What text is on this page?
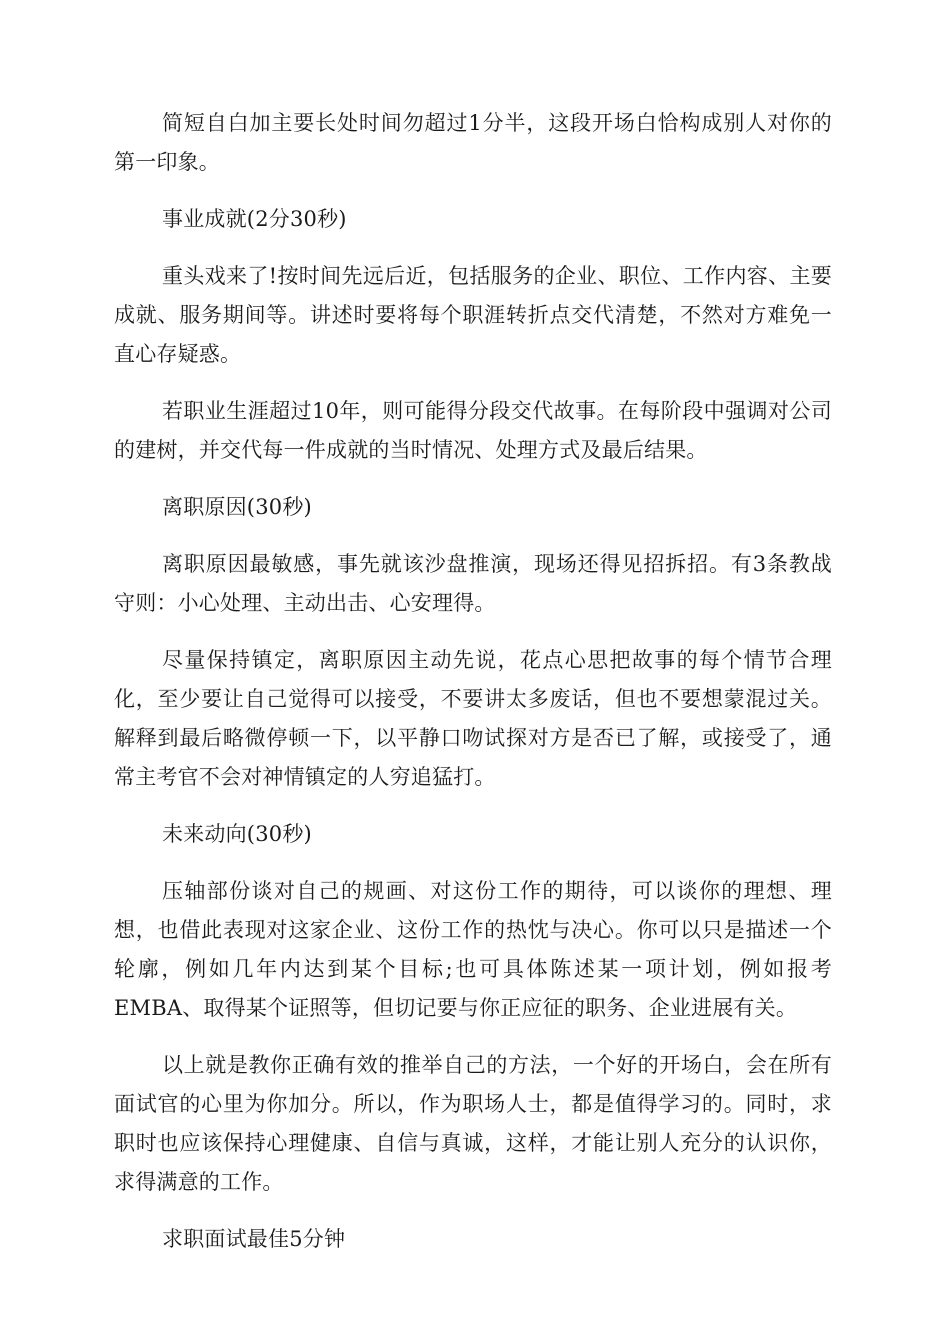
简短自白加主要长处时间勿超过1分半，这段开场白恰构成别人对你的第一印象。

事业成就(2分30秒)

重头戏来了!按时间先远后近，包括服务的企业、职位、工作内容、主要成就、服务期间等。讲述时要将每个职涯转折点交代清楚，不然对方难免一直心存疑惑。

若职业生涯超过10年，则可能得分段交代故事。在每阶段中强调对公司的建树，并交代每一件成就的当时情况、处理方式及最后结果。

离职原因(30秒)

离职原因最敏感，事先就该沙盘推演，现场还得见招拆招。有3条教战守则：小心处理、主动出击、心安理得。

尽量保持镇定，离职原因主动先说，花点心思把故事的每个情节合理化，至少要让自己觉得可以接受，不要讲太多废话，但也不要想蒙混过关。解释到最后略微停顿一下，以平静口吻试探对方是否已了解，或接受了，通常主考官不会对神情镇定的人穷追猛打。

未来动向(30秒)

压轴部份谈对自己的规画、对这份工作的期待，可以谈你的理想、理想，也借此表现对这家企业、这份工作的热忱与决心。你可以只是描述一个轮廓，例如几年内达到某个目标;也可具体陈述某一项计划，例如报考EMBA、取得某个证照等，但切记要与你正应征的职务、企业进展有关。

以上就是教你正确有效的推举自己的方法，一个好的开场白，会在所有面试官的心里为你加分。所以，作为职场人士，都是值得学习的。同时，求职时也应该保持心理健康、自信与真诚，这样，才能让别人充分的认识你，求得满意的工作。

求职面试最佳5分钟
